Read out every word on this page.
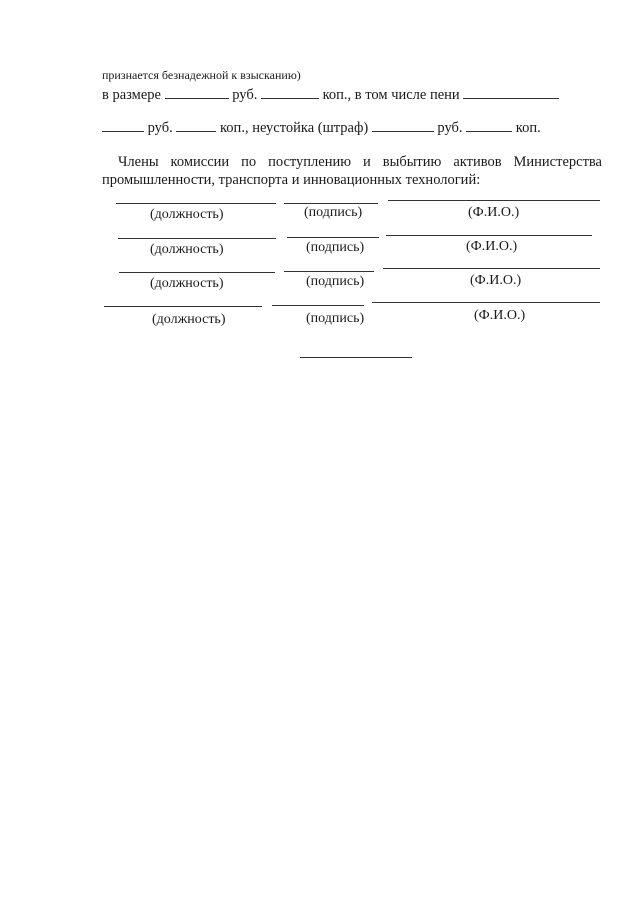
признается безнадежной к взысканию)
в размере	руб.	коп., в том числе пени
руб.	коп., неустойка (штраф)	руб.	коп.
Члены комиссии по поступлению и выбытию активов Министерства промышленности, транспорта и инновационных технологий:
(должность)	(подпись)	(Ф.И.О.)
(должность)	(подпись)	(Ф.И.О.)
(должность)	(подпись)	(Ф.И.О.)
(должность)	(подпись)	(Ф.И.О.)
